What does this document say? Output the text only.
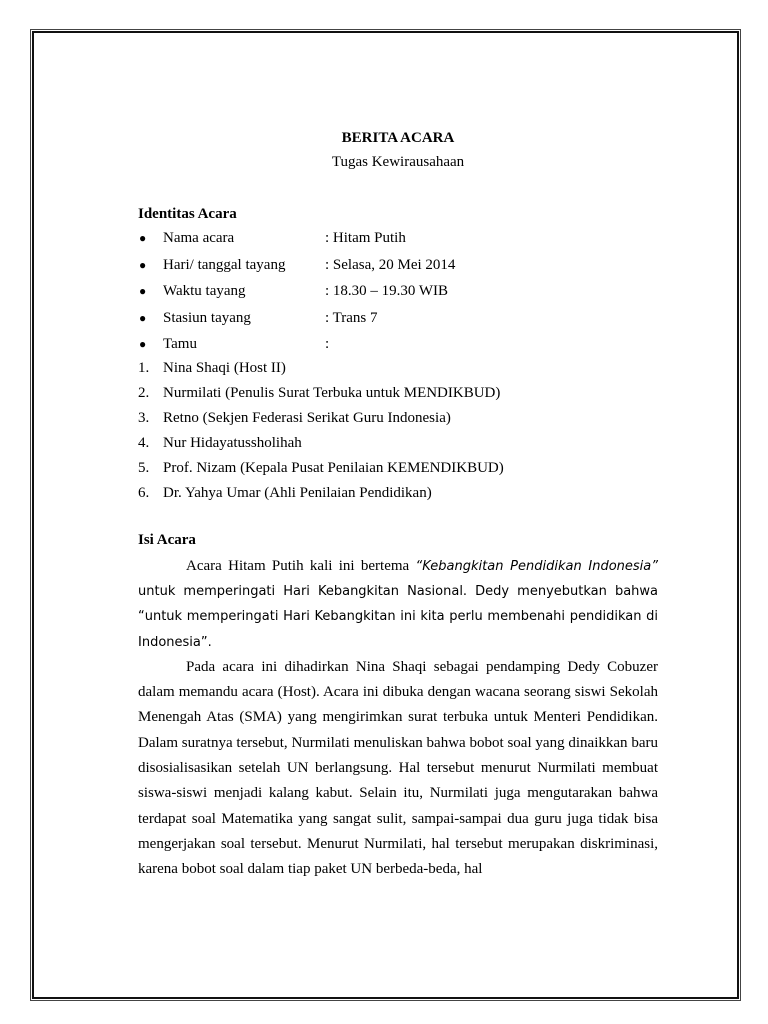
BERITA ACARA

Tugas Kewirausahaan

Identitas Acara

● Nama acara	: Hitam Putih
● Hari/ tanggal tayang	: Selasa, 20 Mei 2014
● Waktu tayang	: 18.30 – 19.30 WIB
● Stasiun tayang	: Trans 7
● Tamu	:
1. Nina Shaqi (Host II)
2. Nurmilati (Penulis Surat Terbuka untuk MENDIKBUD)
3. Retno (Sekjen Federasi Serikat Guru Indonesia)
4. Nur Hidayatussholihah
5. Prof. Nizam (Kepala Pusat Penilaian KEMENDIKBUD)
6. Dr. Yahya Umar (Ahli Penilaian Pendidikan)

Isi Acara

Acara Hitam Putih kali ini bertema “Kebangkitan Pendidikan Indonesia” untuk memperingati Hari Kebangkitan Nasional. Dedy menyebutkan bahwa “untuk memperingati Hari Kebangkitan ini kita perlu membenahi pendidikan di Indonesia”.

Pada acara ini dihadirkan Nina Shaqi sebagai pendamping Dedy Cobuzer dalam memandu acara (Host). Acara ini dibuka dengan wacana seorang siswi Sekolah Menengah Atas (SMA) yang mengirimkan surat terbuka untuk Menteri Pendidikan. Dalam suratnya tersebut, Nurmilati menuliskan bahwa bobot soal yang dinaikkan baru disosialisasikan setelah UN berlangsung. Hal tersebut menurut Nurmilati membuat siswa-siswi menjadi kalang kabut. Selain itu, Nurmilati juga mengutarakan bahwa terdapat soal Matematika yang sangat sulit, sampai-sampai dua guru juga tidak bisa mengerjakan soal tersebut. Menurut Nurmilati, hal tersebut merupakan diskriminasi, karena bobot soal dalam tiap paket UN berbeda-beda, hal
